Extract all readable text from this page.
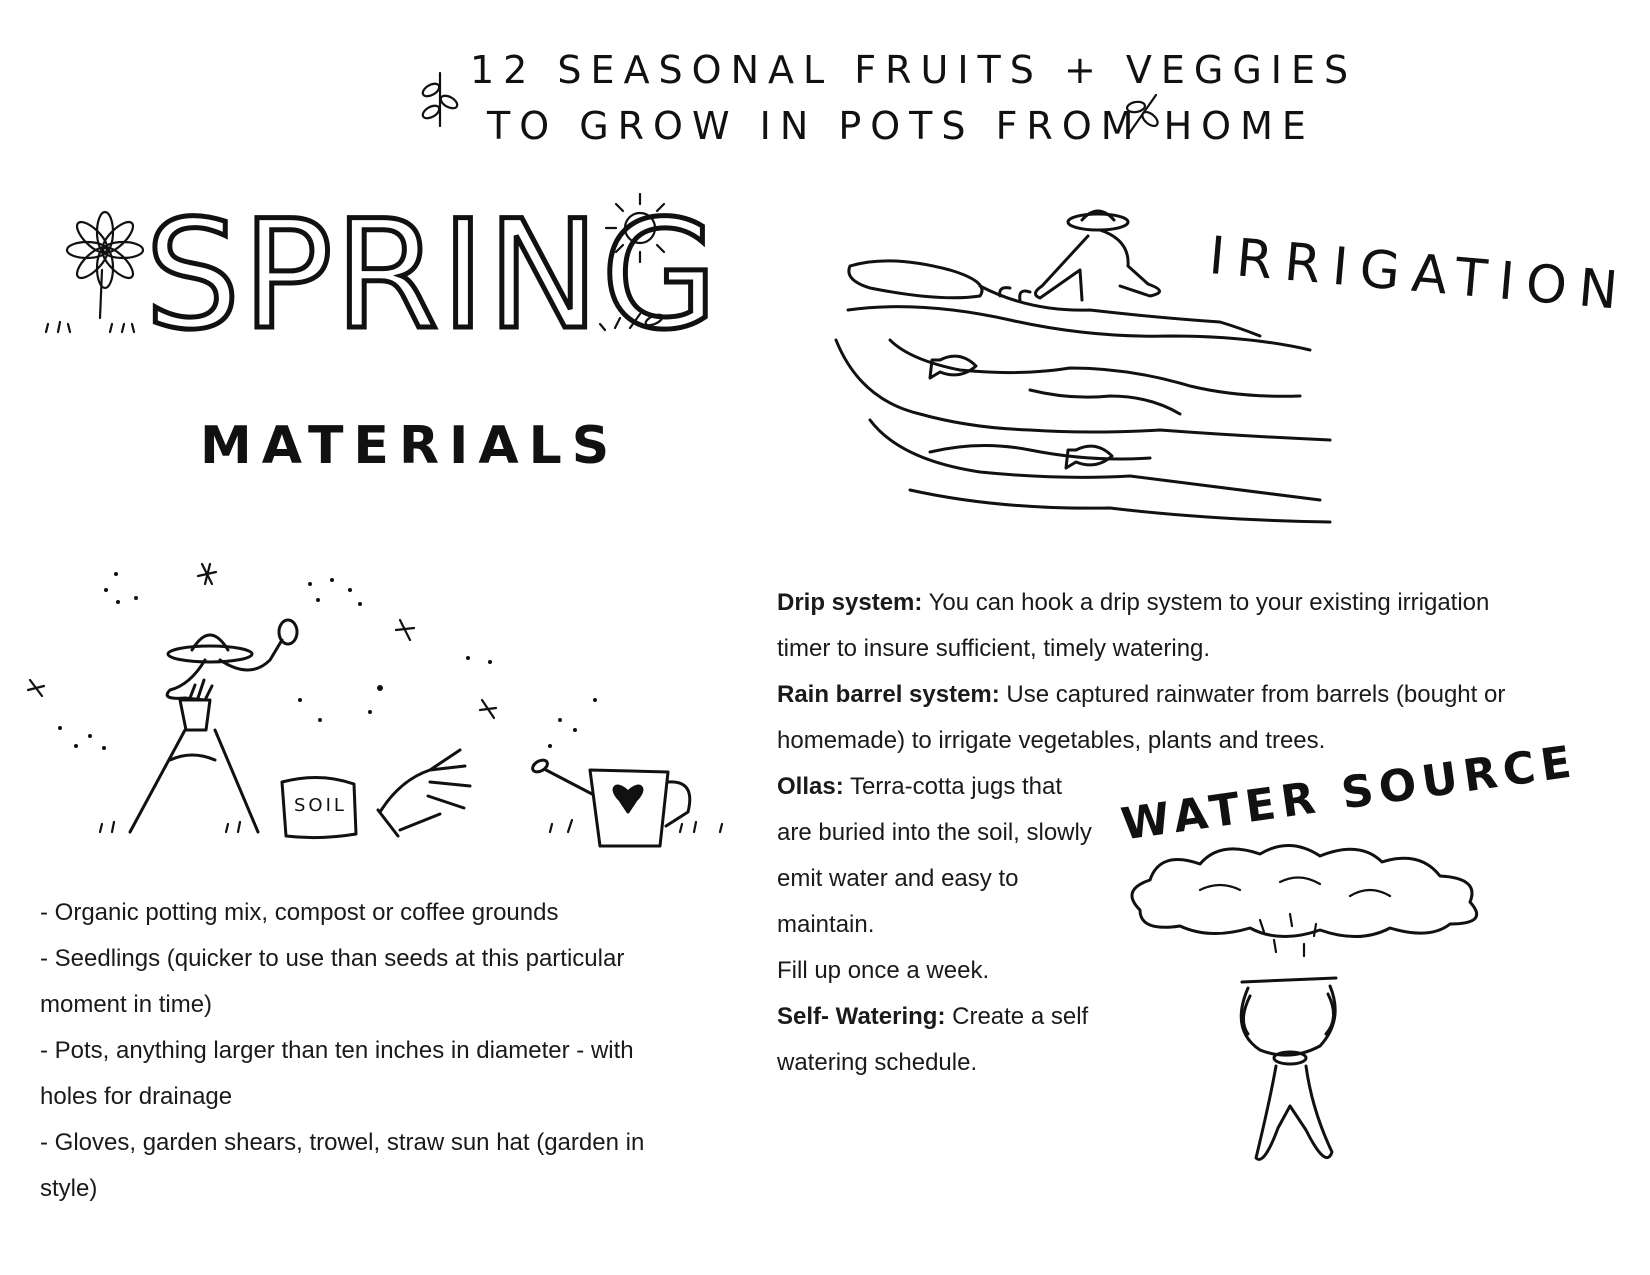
12 SEASONAL FRUITS + VEGGIES
TO GROW IN POTS FROM HOME
SPRING
MATERIALS
SOIL

- Organic potting mix, compost or coffee grounds

- Seedlings (quicker to use than seeds at this particular moment in time)

- Pots, anything larger than ten inches in diameter - with holes for drainage

- Gloves, garden shears, trowel, straw sun hat (garden in style)

IRRIGATION

Drip system: You can hook a drip system to your existing irrigation timer to insure sufficient, timely watering.

Rain barrel system: Use captured rainwater from barrels (bought or homemade) to irrigate vegetables, plants and trees.

Ollas: Terra-cotta jugs that are buried into the soil, slowly emit water and easy to maintain.

Fill up once a week.

Self- Watering: Create a self watering schedule.

WATER SOURCE
